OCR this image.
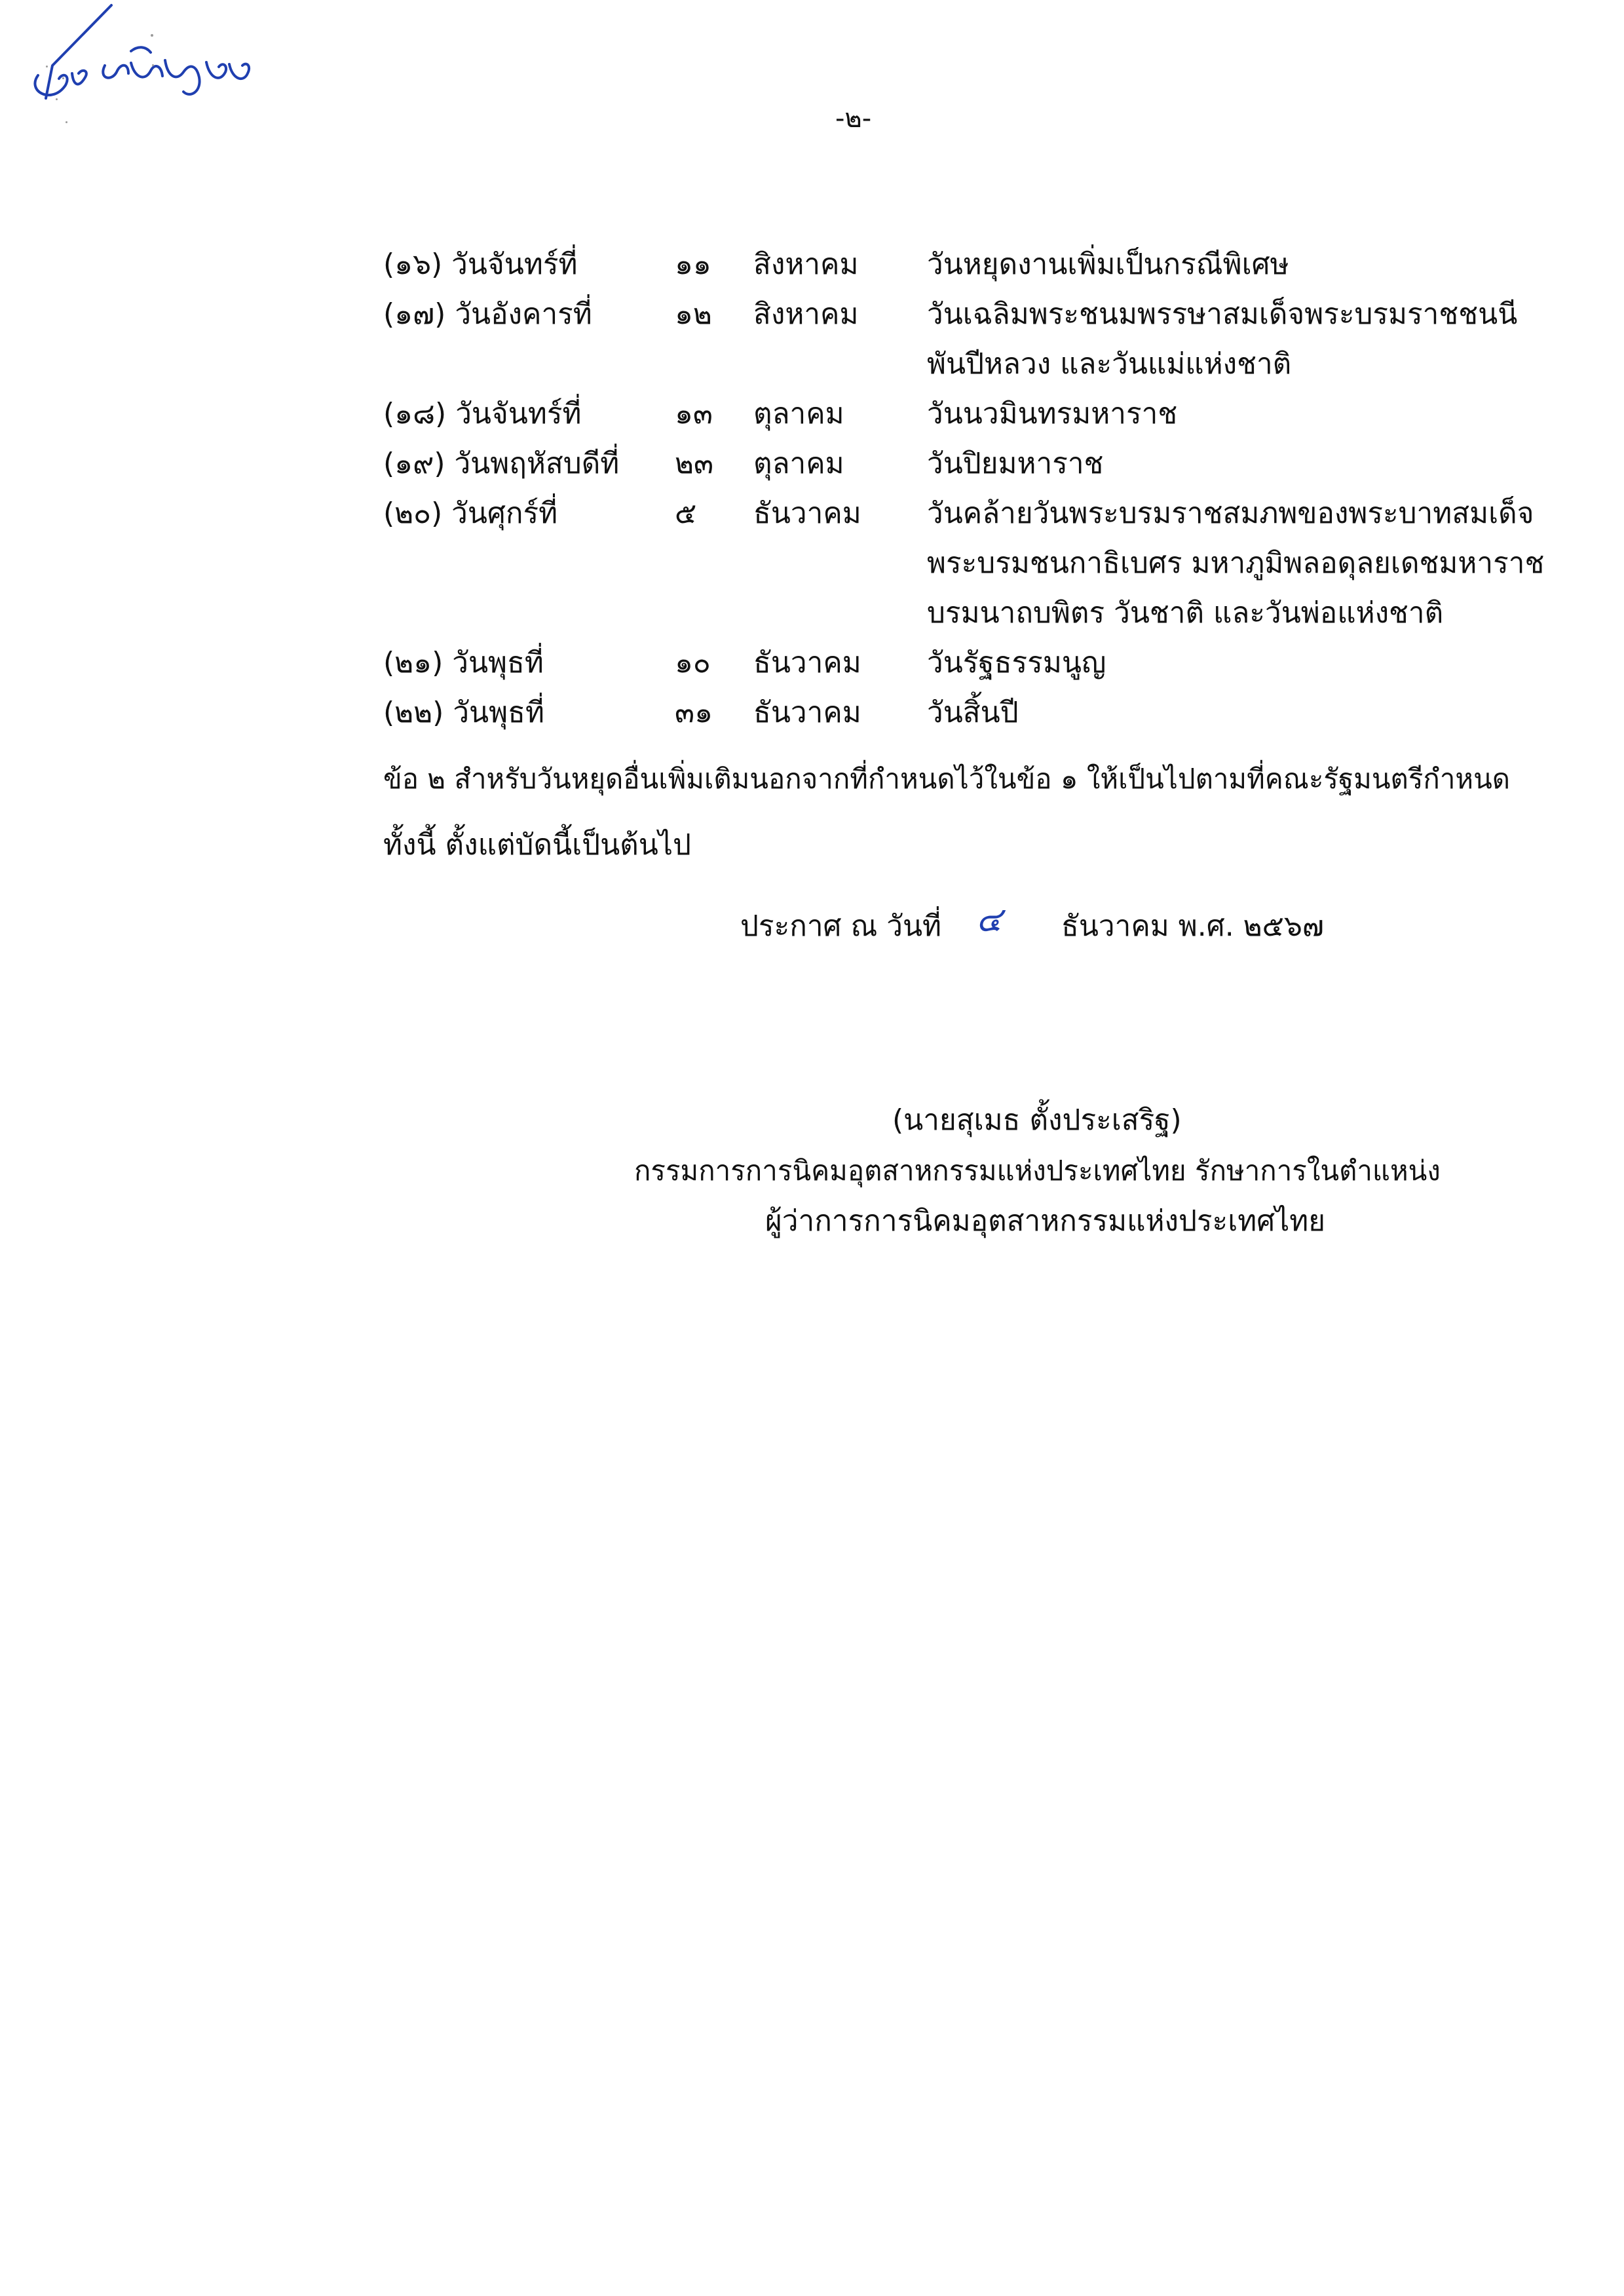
-๒-
(๑๖) วันจันทร์ที่	๑๑ สิงหาคม วันหยุดงานเพิ่มเป็นกรณีพิเศษ
(๑๗) วันอังคารที่	๑๒ สิงหาคม วันเฉลิมพระชนมพรรษาสมเด็จพระบรมราชชนนี
พันปีหลวง และวันแม่แห่งชาติ
(๑๘) วันจันทร์ที่	๑๓ ตุลาคม	วันนวมินทรมหาราช
(๑๙) วันพฤหัสบดีที่ ๒๓ ตุลาคม	วันปิยมหาราช
(๒๐) วันศุกร์ที่	๕ ธันวาคม วันคล้ายวันพระบรมราชสมภพของพระบาทสมเด็จ
พระบรมชนกาธิเบศร มหาภูมิพลอดุลยเดชมหาราช
บรมนาถบพิตร วันชาติ และวันพ่อแห่งชาติ
(๒๑) วันพุธที่	๑๐ ธันวาคม วันรัฐธรรมนูญ
(๒๒) วันพุธที่	๓๑ ธันวาคม วันสิ้นปี
ข้อ ๒ สำหรับวันหยุดอื่นเพิ่มเติมนอกจากที่กำหนดไว้ในข้อ ๑ ให้เป็นไปตามที่คณะรัฐมนตรีกำหนด
ทั้งนี้ ตั้งแต่บัดนี้เป็นต้นไป
ประกาศ ณ วันที่ ๔ ธันวาคม พ.ศ. ๒๕๖๗
(นายสุเมธ ตั้งประเสริฐ)
กรรมการการนิคมอุตสาหกรรมแห่งประเทศไทย รักษาการในตำแหน่ง
ผู้ว่าการการนิคมอุตสาหกรรมแห่งประเทศไทย
